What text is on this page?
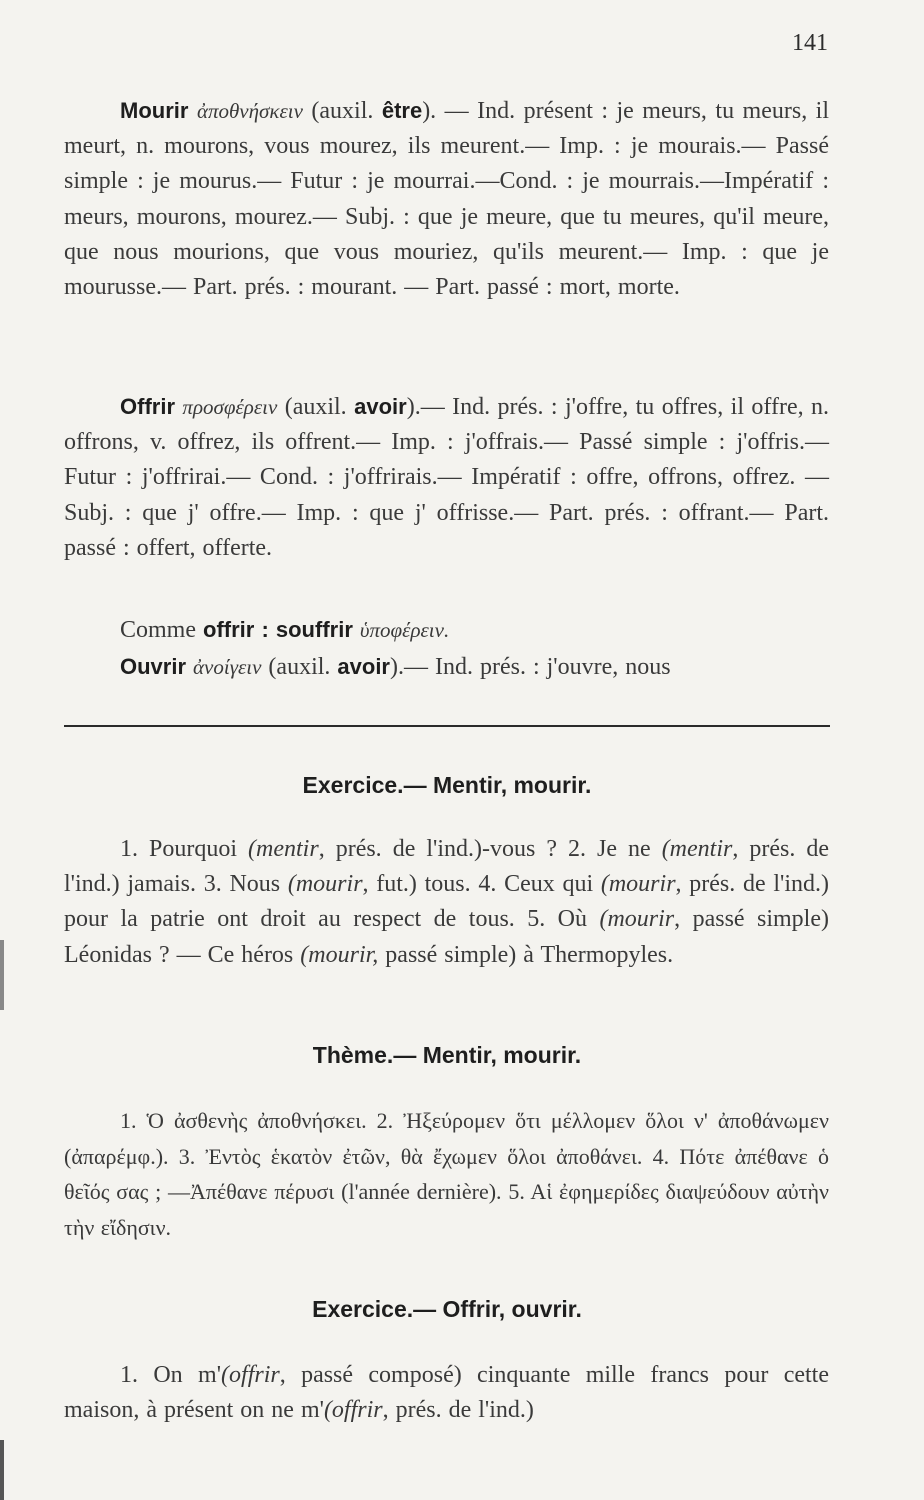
141

Mourir ἀποθνήσκειν (auxil. être). — Ind. présent : je meurs, tu meurs, il meurt, n. mourons, vous mourez, ils meurent.— Imp. : je mourais.— Passé simple : je mourus.— Futur : je mourrai.—Cond. : je mourrais.—Impératif : meurs, mourons, mourez.— Subj. : que je meure, que tu meures, qu'il meure, que nous mourions, que vous mouriez, qu'ils meurent.— Imp. : que je mourusse.— Part. prés. : mourant. — Part. passé : mort, morte.

Offrir προσφέρειν (auxil. avoir).— Ind. prés. : j'offre, tu offres, il offre, n. offrons, v. offrez, ils offrent.— Imp. : j'offrais.— Passé simple : j'offris.— Futur : j'offrirai.— Cond. : j'offrirais.— Impératif : offre, offrons, offrez. — Subj. : que j' offre.— Imp. : que j' offrisse.— Part. prés. : offrant.— Part. passé : offert, offerte.

Comme offrir : souffrir ὑποφέρειν.

Ouvrir ἀνοίγειν (auxil. avoir).— Ind. prés. : j'ouvre, nous

Exercice.— Mentir, mourir.

1. Pourquoi (mentir, prés. de l'ind.)-vous ? 2. Je ne (mentir, prés. de l'ind.) jamais. 3. Nous (mourir, fut.) tous. 4. Ceux qui (mourir, prés. de l'ind.) pour la patrie ont droit au respect de tous. 5. Où (mourir, passé simple) Léonidas ? — Ce héros (mourir, passé simple) à Thermopyles.

Thème.— Mentir, mourir.

1. Ὁ ἀσθενὴς ἀποθνήσκει. 2. Ἠξεύρομεν ὅτι μέλλομεν ὅλοι ν' ἀποθάνωμεν (ἀπαρέμφ.). 3. Ἐντὸς ἑκατὸν ἐτῶν, θὰ ἔχωμεν ὅλοι ἀποθάνει. 4. Πότε ἀπέθανε ὁ θεῖός σας ; —Ἀπέθανε πέρυσι (l'année dernière). 5. Αἱ ἐφημερίδες διαψεύδουν αὐτὴν τὴν εἴδησιν.

Exercice.— Offrir, ouvrir.

1. On m'(offrir, passé composé) cinquante mille francs pour cette maison, à présent on ne m'(offrir, prés. de l'ind.)
